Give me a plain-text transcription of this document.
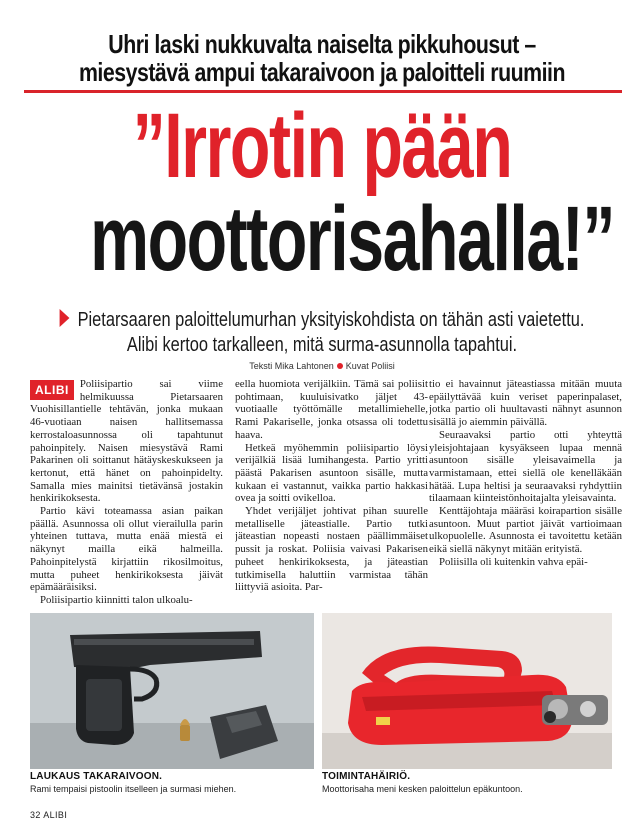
Uhri laski nukkuvalta naiselta pikkuhousut –
miesystävä ampui takaraivoon ja paloitteli ruumiin
”Irrotin pään
moottorisahalla!”
Pietarsaaren paloittelumurhan yksityiskohdista on tähän asti vaietettu.
Alibi kertoo tarkalleen, mitä surma-asunnolla tapahtui.
Teksti Mika Lahtonen Kuvat Poliisi

ALIBI	Poliisipartio sai viime helmikuussa Pietarsaaren Vuohisillantielle tehtävän, jonka mukaan 46-vuotiaan naisen hallitsemassa kerrostaloasunnossa oli tapahtunut pahoinpitely. Naisen miesystävä Rami Pakarinen oli soittanut hätäyskeskukseen ja kertonut, että hänet on pahoinpidelty. Samalla mies mainitsi tietävänsä jostakin henkirikoksesta.

Partio kävi toteamassa asian paikan päällä. Asunnossa oli ollut vierailulla parin yhteinen tuttava, mutta enää miestä ei näkynyt mailla eikä halmeilla. Pahoinpitelystä kirjattiin rikosilmoitus, mutta puheet henkirikoksesta jäivät epämääräisiksi.

Poliisipartio kiinnitti talon ulkoalu-

eella huomiota verijälkiin. Tämä sai poliisit pohtimaan, kuuluisivatko jäljet 43-vuotiaalle työttömälle metallimiehelle, Rami Pakariselle, jonka otsassa oli todettu haava.

Hetkeä myöhemmin poliisipartio löysi verijälkiä lisää lumihangesta. Partio yritti päästä Pakarisen asuntoon sisälle, mutta kukaan ei vastannut, vaikka partio hakkasi ovea ja soitti ovikelloa.

Yhdet verijäljet johtivat pihan suurelle metalliselle jäteastialle. Partio tutki jäteastian nopeasti nostaen päällimmäiset pussit ja roskat. Poliisia vaivasi Pakarisen puheet henkirikoksesta, ja jäteastian tutkimisella haluttiin varmistaa tähän liittyviä asioita. Par-

tio ei havainnut jäteastiassa mitään muuta epäilyttävää kuin veriset paperinpalaset, jotka partio oli huultavasti nähnyt asunnon sisällä jo aiemmin päivällä.

Seuraavaksi partio otti yhteyttä yleisjohtajaan kysyäkseen lupaa mennä asuntoon sisälle yleisavaimella ja varmistamaan, ettei siellä ole kenelläkään hätää. Lupa heltisi ja seuraavaksi ryhdyttiin tilaamaan kiinteistönhoitajalta yleisavainta.

Kenttäjohtaja määräsi koirapartion sisälle asuntoon. Muut partiot jäivät vartioimaan ulkopuolelle. Asunnosta ei tavoitettu ketään eikä siellä näkynyt mitään erityistä.

Poliisilla oli kuitenkin vahva epäi-

LAUKAUS TAKARAIVOON.
Rami tempaisi pistoolin itselleen ja surmasi miehen.
TOIMINTAHÄIRIÖ.
Moottorisaha meni kesken paloittelun epäkuntoon.
32 ALIBI
